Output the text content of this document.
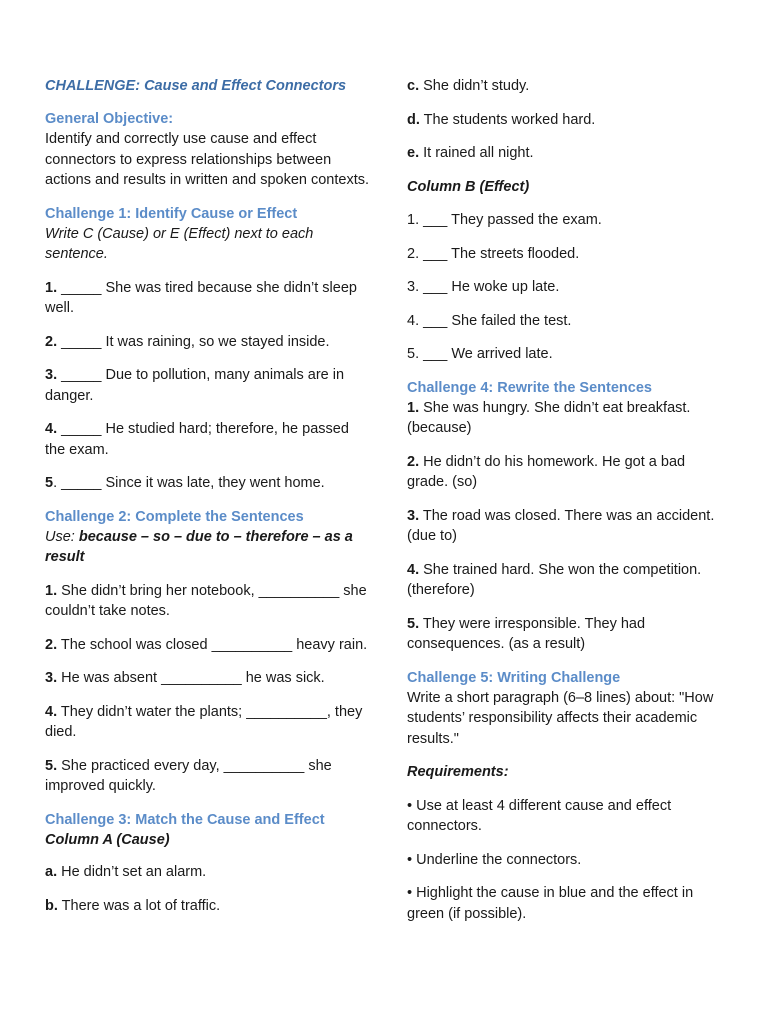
CHALLENGE: Cause and Effect Connectors

General Objective:

Identify and correctly use cause and effect connectors to express relationships between actions and results in written and spoken contexts.

Challenge 1: Identify Cause or Effect

Write C (Cause) or E (Effect) next to each sentence.

1. _____ She was tired because she didn’t sleep well.

2. _____ It was raining, so we stayed inside.

3. _____ Due to pollution, many animals are in danger.

4. _____ He studied hard; therefore, he passed the exam.

5. _____ Since it was late, they went home.

Challenge 2: Complete the Sentences

Use: because – so – due to – therefore – as a result

1. She didn’t bring her notebook, __________ she couldn’t take notes.

2. The school was closed __________ heavy rain.

3. He was absent __________ he was sick.

4. They didn’t water the plants; __________, they died.

5. She practiced every day, __________ she improved quickly.

Challenge 3: Match the Cause and Effect

Column A (Cause)

a. He didn’t set an alarm.

b. There was a lot of traffic.

c. She didn’t study.

d. The students worked hard.

e. It rained all night.

Column B (Effect)

1. ___ They passed the exam.

2. ___ The streets flooded.

3. ___ He woke up late.

4. ___ She failed the test.

5. ___ We arrived late.

Challenge 4: Rewrite the Sentences

1. She was hungry. She didn’t eat breakfast. (because)

2. He didn’t do his homework. He got a bad grade. (so)

3. The road was closed. There was an accident. (due to)

4. She trained hard. She won the competition. (therefore)

5. They were irresponsible. They had consequences. (as a result)

Challenge 5: Writing Challenge

Write a short paragraph (6–8 lines) about: "How students’ responsibility affects their academic results."

Requirements:

• Use at least 4 different cause and effect connectors.

• Underline the connectors.

• Highlight the cause in blue and the effect in green (if possible).
